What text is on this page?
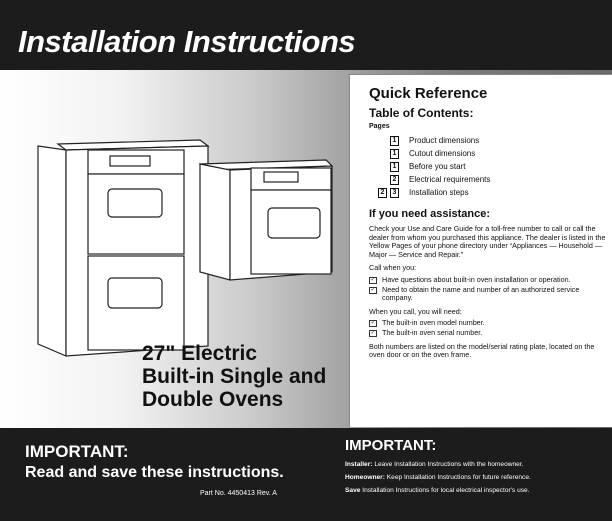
Installation Instructions
27" Electric
Built-in Single and
Double Ovens
Quick Reference
Table of Contents:
Pages
1	Product dimensions
1	Cutout dimensions
1	Before you start
2	Electrical requirements
2	3	Installation steps
If you need assistance:
Check your Use and Care Guide for a toll-free number to call or call the dealer from whom you purchased this appliance. The dealer is listed in the Yellow Pages of your phone directory under “Appliances — Household — Major — Service and Repair.”
Call when you:
✓ Have questions about built-in oven installation or operation.
✓ Need to obtain the name and number of an authorized service company.
When you call, you will need:
✓ The built-in oven model number.
✓ The built-in oven serial number.
Both numbers are listed on the model/serial rating plate, located on the oven door or on the oven frame.
IMPORTANT:
Read and save these instructions.
Part No. 4450413 Rev. A
IMPORTANT:
Installer: Leave Installation Instructions with the homeowner.
Homeowner: Keep Installation Instructions for future reference.
Save Installation Instructions for local electrical inspector's use.
